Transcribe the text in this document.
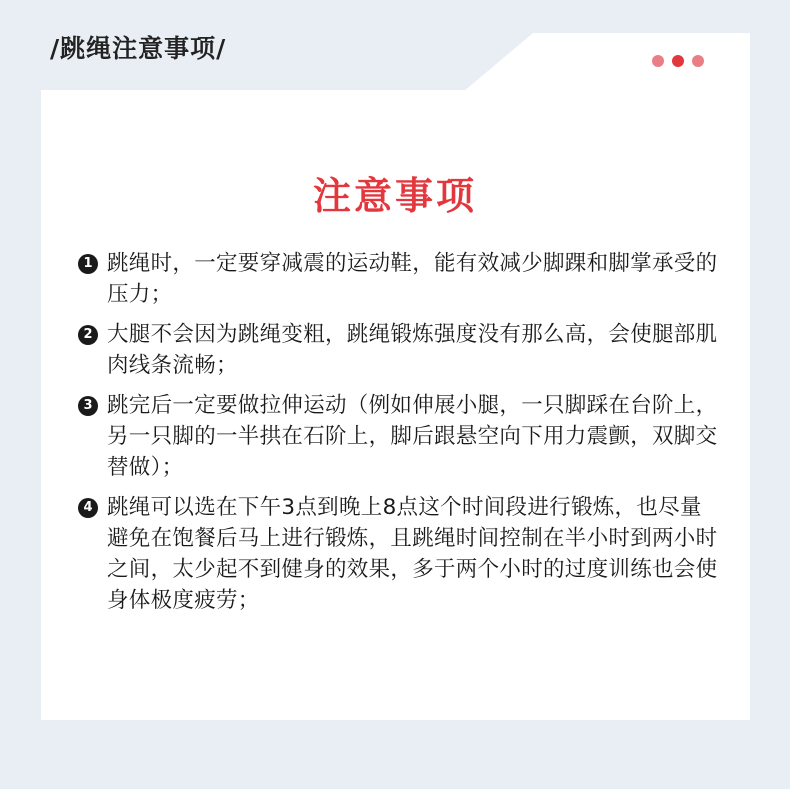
/跳绳注意事项/
注意事项
1 跳绳时，一定要穿减震的运动鞋，能有效减少脚踝和脚掌承受的压力；
2 大腿不会因为跳绳变粗，跳绳锻炼强度没有那么高，会使腿部肌肉线条流畅；
3 跳完后一定要做拉伸运动（例如伸展小腿，一只脚踩在台阶上，另一只脚的一半拱在石阶上，脚后跟悬空向下用力震颤，双脚交替做）；
4 跳绳可以选在下午3点到晚上8点这个时间段进行锻炼，也尽量避免在饱餐后马上进行锻炼，且跳绳时间控制在半小时到两小时之间，太少起不到健身的效果，多于两个小时的过度训练也会使身体极度疲劳；
